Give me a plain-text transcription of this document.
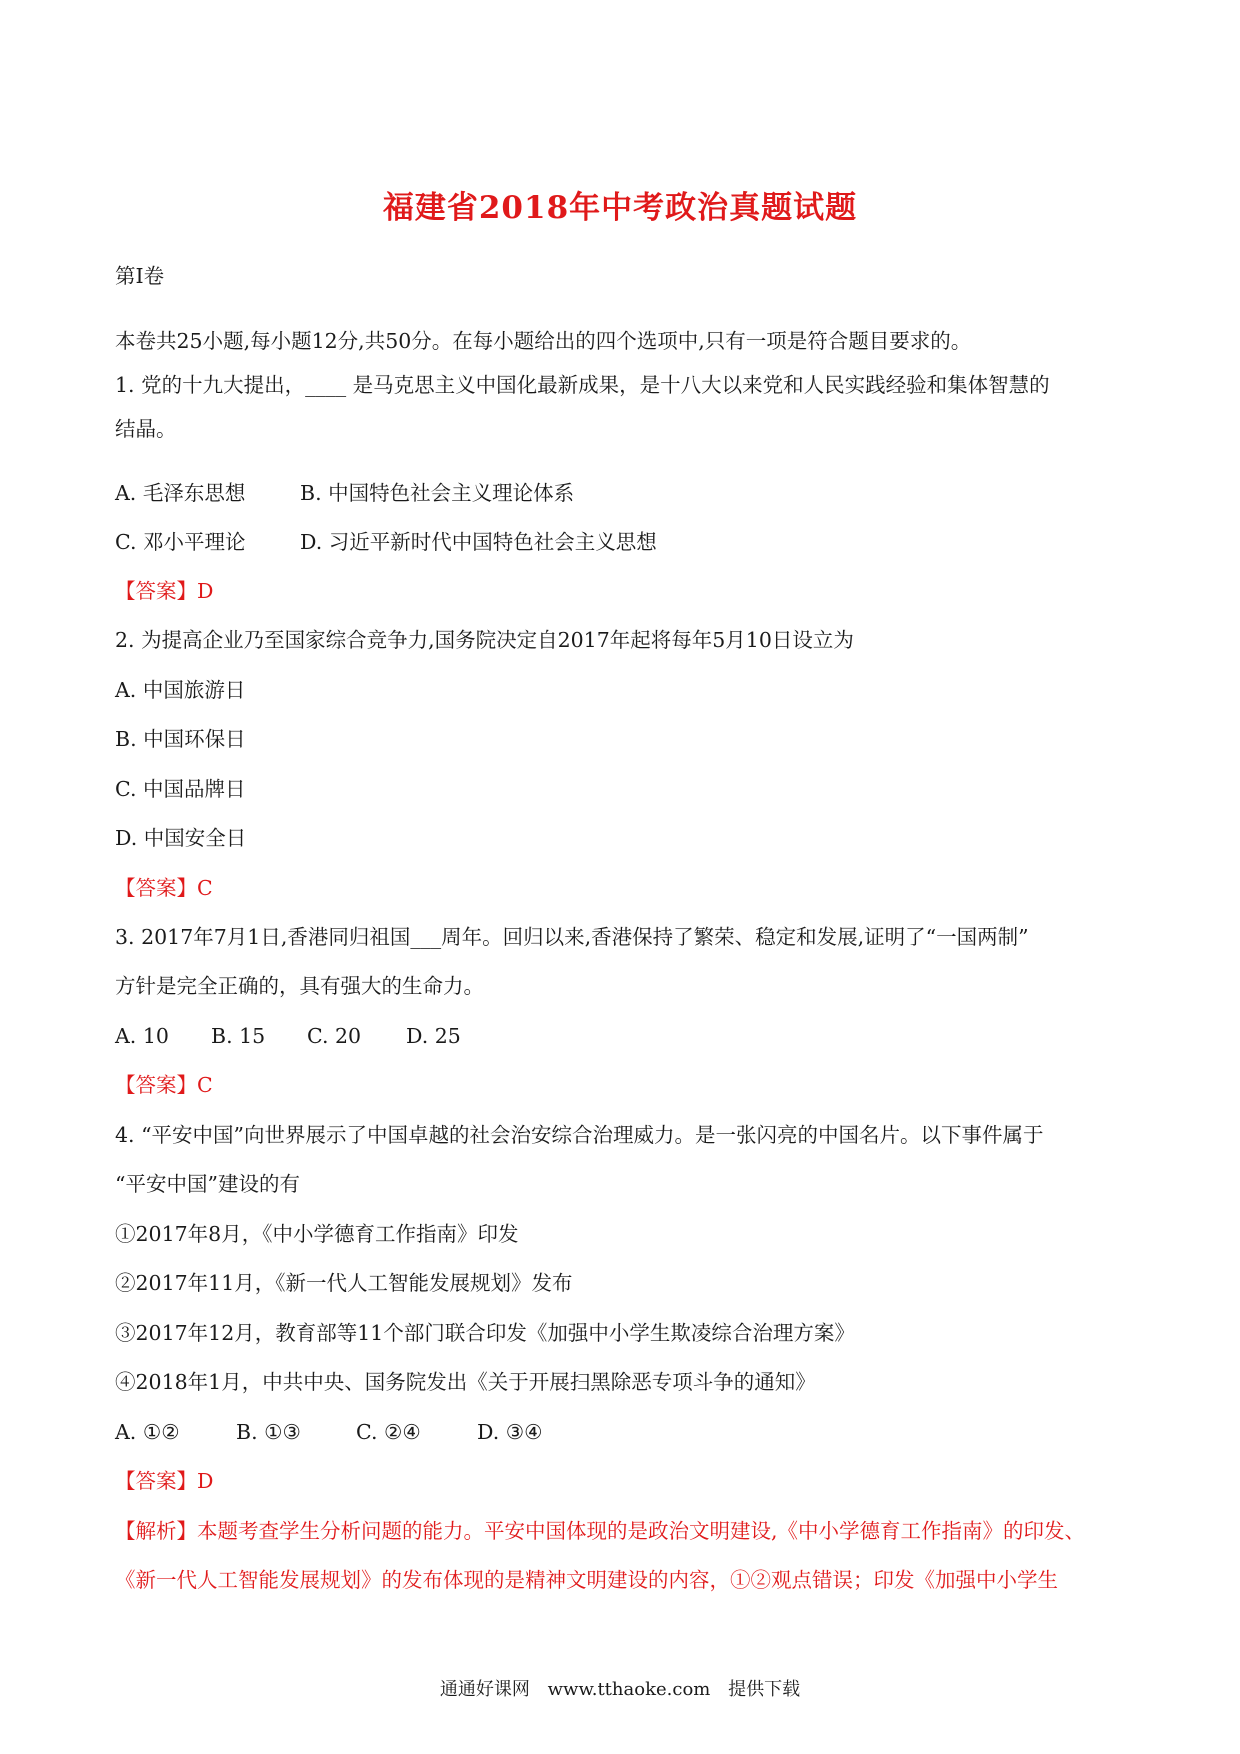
福建省2018年中考政治真题试题
第Ⅰ卷
本卷共25小题,每小题12分,共50分。在每小题给出的四个选项中,只有一项是符合题目要求的。
1. 党的十九大提出，____ 是马克思主义中国化最新成果，是十八大以来党和人民实践经验和集体智慧的
结晶。
A. 毛泽东思想	B. 中国特色社会主义理论体系
C. 邓小平理论	D. 习近平新时代中国特色社会主义思想
【答案】D
2. 为提高企业乃至国家综合竞争力,国务院决定自2017年起将每年5月10日设立为
A. 中国旅游日
B. 中国环保日
C. 中国品牌日
D. 中国安全日
【答案】C
3. 2017年7月1日,香港同归祖国___周年。回归以来,香港保持了繁荣、稳定和发展,证明了“一国两制”
方针是完全正确的，具有强大的生命力。
A. 10 B. 15 C. 20 D. 25
【答案】C
4. “平安中国”向世界展示了中国卓越的社会治安综合治理威力。是一张闪亮的中国名片。以下事件属于
“平安中国”建设的有
①2017年8月，《中小学德育工作指南》印发
②2017年11月，《新一代人工智能发展规划》发布
③2017年12月，教育部等11个部门联合印发《加强中小学生欺凌综合治理方案》
④2018年1月，中共中央、国务院发出《关于开展扫黑除恶专项斗争的通知》
A. ①②	B. ①③	C. ②④	D. ③④
【答案】D
【解析】本题考查学生分析问题的能力。平安中国体现的是政治文明建设,《中小学德育工作指南》的印发、
《新一代人工智能发展规划》的发布体现的是精神文明建设的内容，①②观点错误；印发《加强中小学生
通通好课网 www.tthaoke.com 提供下载
